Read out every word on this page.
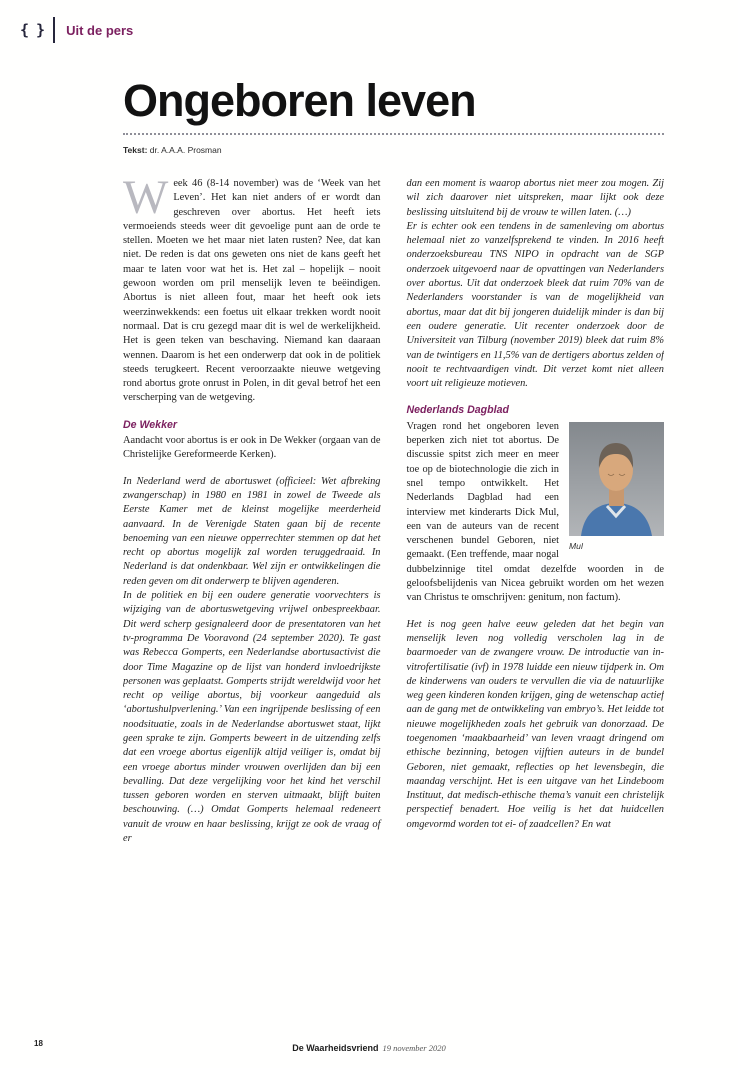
{ } Uit de pers
Ongeboren leven

Tekst: dr. A.A.A. Prosman

Week 46 (8-14 november) was de ‘Week van het Leven’. Het kan niet anders of er wordt dan geschreven over abortus. Het heeft iets vermoeiends steeds weer dit gevoelige punt aan de orde te stellen. Moeten we het maar niet laten rusten? Nee, dat kan niet. De reden is dat ons geweten ons niet de kans geeft het maar te laten voor wat het is. Het zal – hopelijk – nooit gewoon worden om pril menselijk leven te beëindigen. Abortus is niet alleen fout, maar het heeft ook iets weerzinwekkends: een foetus uit elkaar trekken wordt nooit normaal. Dat is cru gezegd maar dit is wel de werkelijkheid. Het is geen teken van beschaving. Niemand kan daaraan wennen. Daarom is het een onderwerp dat ook in de politiek steeds terugkeert. Recent veroorzaakte nieuwe wetgeving rond abortus grote onrust in Polen, in dit geval betrof het een verscherping van de wetgeving.

De Wekker

Aandacht voor abortus is er ook in De Wekker (orgaan van de Christelijke Gereformeerde Kerken).

In Nederland werd de abortuswet (officieel: Wet afbreking zwangerschap) in 1980 en 1981 in zowel de Tweede als Eerste Kamer met de kleinst mogelijke meerderheid aanvaard. In de Verenigde Staten gaan bij de recente benoeming van een nieuwe opperrechter stemmen op dat het recht op abortus mogelijk zal worden teruggedraaid. In Nederland is dat ondenkbaar. Wel zijn er ontwikkelingen die reden geven om dit onderwerp te blijven agenderen.

In de politiek en bij een oudere generatie voorvechters is wijziging van de abortuswetgeving vrijwel onbespreekbaar. Dit werd scherp gesignaleerd door de presentatoren van het tv-programma De Vooravond (24 september 2020). Te gast was Rebecca Gomperts, een Nederlandse abortusactivist die door Time Magazine op de lijst van honderd invloedrijkste personen was geplaatst. Gomperts strijdt wereldwijd voor het recht op veilige abortus, bij voorkeur aangeduid als ‘abortushulpverlening.’ Van een ingrijpende beslissing of een noodsituatie, zoals in de Nederlandse abortuswet staat, lijkt geen sprake te zijn. Gomperts beweert in de uitzending zelfs dat een vroege abortus eigenlijk altijd veiliger is, omdat bij een vroege abortus minder vrouwen overlijden dan bij een bevalling. Dat deze vergelijking voor het kind het verschil tussen geboren worden en sterven uitmaakt, blijft buiten beschouwing. (…) Omdat Gomperts helemaal redeneert vanuit de vrouw en haar beslissing, krijgt ze ook de vraag of er

dan een moment is waarop abortus niet meer zou mogen. Zij wil zich daarover niet uitspreken, maar lijkt ook deze beslissing uitsluitend bij de vrouw te willen laten. (…)

Er is echter ook een tendens in de samenleving om abortus helemaal niet zo vanzelfsprekend te vinden. In 2016 heeft onderzoeksbureau TNS NIPO in opdracht van de SGP onderzoek uitgevoerd naar de opvattingen van Nederlanders over abortus. Uit dat onderzoek bleek dat ruim 70% van de Nederlanders voorstander is van de mogelijkheid van abortus, maar dat dit bij jongeren duidelijk minder is dan bij een oudere generatie. Uit recenter onderzoek door de Universiteit van Tilburg (november 2019) bleek dat ruim 8% van de twintigers en 11,5% van de dertigers abortus zelden of nooit te rechtvaardigen vindt. Dit verzet komt niet alleen voort uit religieuze motieven.

Nederlands Dagblad
Mul

Vragen rond het ongeboren leven beperken zich niet tot abortus. De discussie spitst zich meer en meer toe op de biotechnologie die zich in snel tempo ontwikkelt. Het Nederlands Dagblad had een interview met kinderarts Dick Mul, een van de auteurs van de recent verschenen bundel Geboren, niet gemaakt. (Een treffende, maar nogal dubbelzinnige titel omdat dezelfde woorden in de geloofsbelijdenis van Nicea gebruikt worden om het wezen van Christus te omschrijven: genitum, non factum).

Het is nog geen halve eeuw geleden dat het begin van menselijk leven nog volledig verscholen lag in de baarmoeder van de zwangere vrouw. De introductie van in-vitrofertilisatie (ivf) in 1978 luidde een nieuw tijdperk in. Om de kinderwens van ouders te vervullen die via de natuurlijke weg geen kinderen konden krijgen, ging de wetenschap actief aan de gang met de ontwikkeling van embryo’s. Het leidde tot nieuwe mogelijkheden zoals het gebruik van donorzaad. De toegenomen ‘maakbaarheid’ van leven vraagt dringend om ethische bezinning, betogen vijftien auteurs in de bundel Geboren, niet gemaakt, reflecties op het levensbegin, die maandag verschijnt. Het is een uitgave van het Lindeboom Instituut, dat medisch-ethische thema’s vanuit een christelijk perspectief benadert. Hoe veilig is het dat huidcellen omgevormd worden tot ei- of zaadcellen? En wat

18	De Waarheidsvriend 19 november 2020
